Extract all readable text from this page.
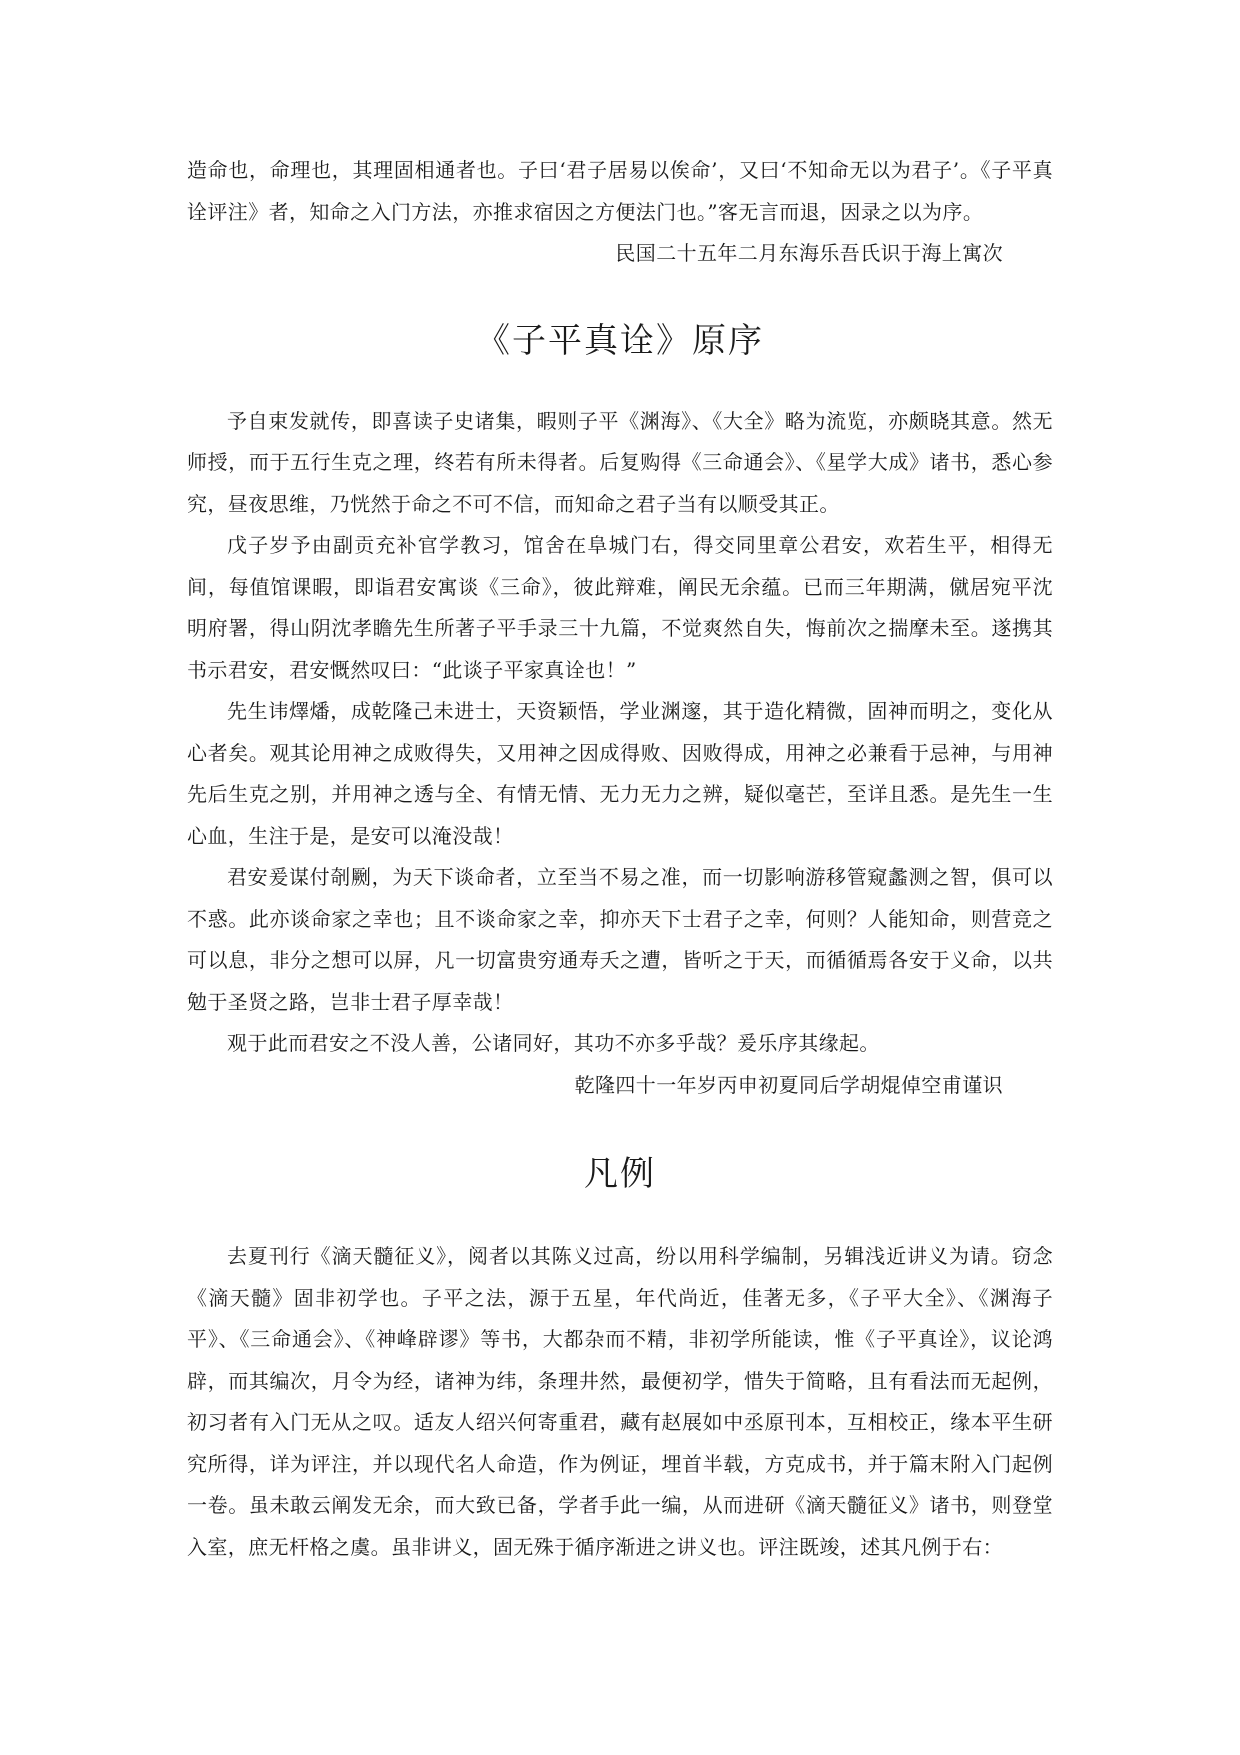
造命也，命理也，其理固相通者也。子曰‘君子居易以俟命’，又曰‘不知命无以为君子’。《子平真诠评注》者，知命之入门方法，亦推求宿因之方便法门也。”客无言而退，因录之以为序。

民国二十五年二月东海乐吾氏识于海上寓次

《子平真诠》原序

予自束发就传，即喜读子史诸集，暇则子平《渊海》、《大全》略为流览，亦颇晓其意。然无师授，而于五行生克之理，终若有所未得者。后复购得《三命通会》、《星学大成》诸书，悉心参究，昼夜思维，乃恍然于命之不可不信，而知命之君子当有以顺受其正。

戊子岁予由副贡充补官学教习，馆舍在阜城门右，得交同里章公君安，欢若生平，相得无间，每值馆课暇，即诣君安寓谈《三命》，彼此辩难，阐民无余蕴。已而三年期满，僦居宛平沈明府署，得山阴沈孝瞻先生所著子平手录三十九篇，不觉爽然自失，悔前次之揣摩未至。遂携其书示君安，君安慨然叹曰：“此谈子平家真诠也！”

先生讳燡燔，成乾隆己未进士，天资颖悟，学业渊邃，其于造化精微，固神而明之，变化从心者矣。观其论用神之成败得失，又用神之因成得败、因败得成，用神之必兼看于忌神，与用神先后生克之别，并用神之透与全、有情无情、无力无力之辨，疑似毫芒，至详且悉。是先生一生心血，生注于是，是安可以淹没哉！

君安爰谋付剞劂，为天下谈命者，立至当不易之准，而一切影响游移管窥蠡测之智，俱可以不惑。此亦谈命家之幸也；且不谈命家之幸，抑亦天下士君子之幸，何则？人能知命，则营竞之可以息，非分之想可以屏，凡一切富贵穷通寿夭之遭，皆听之于天，而循循焉各安于义命，以共勉于圣贤之路，岂非士君子厚幸哉！

观于此而君安之不没人善，公诸同好，其功不亦多乎哉？爰乐序其缘起。

乾隆四十一年岁丙申初夏同后学胡焜倬空甫谨识

凡例

去夏刊行《滴天髓征义》，阅者以其陈义过高，纷以用科学编制，另辑浅近讲义为请。窃念《滴天髓》固非初学也。子平之法，源于五星，年代尚近，佳著无多，《子平大全》、《渊海子平》、《三命通会》、《神峰辟谬》等书，大都杂而不精，非初学所能读，惟《子平真诠》，议论鸿辟，而其编次，月令为经，诸神为纬，条理井然，最便初学，惜失于简略，且有看法而无起例，初习者有入门无从之叹。适友人绍兴何寄重君，藏有赵展如中丞原刊本，互相校正，缘本平生研究所得，详为评注，并以现代名人命造，作为例证，埋首半载，方克成书，并于篇末附入门起例一卷。虽未敢云阐发无余，而大致已备，学者手此一编，从而进研《滴天髓征义》诸书，则登堂入室，庶无杆格之虞。虽非讲义，固无殊于循序渐进之讲义也。评注既竣，述其凡例于右：
